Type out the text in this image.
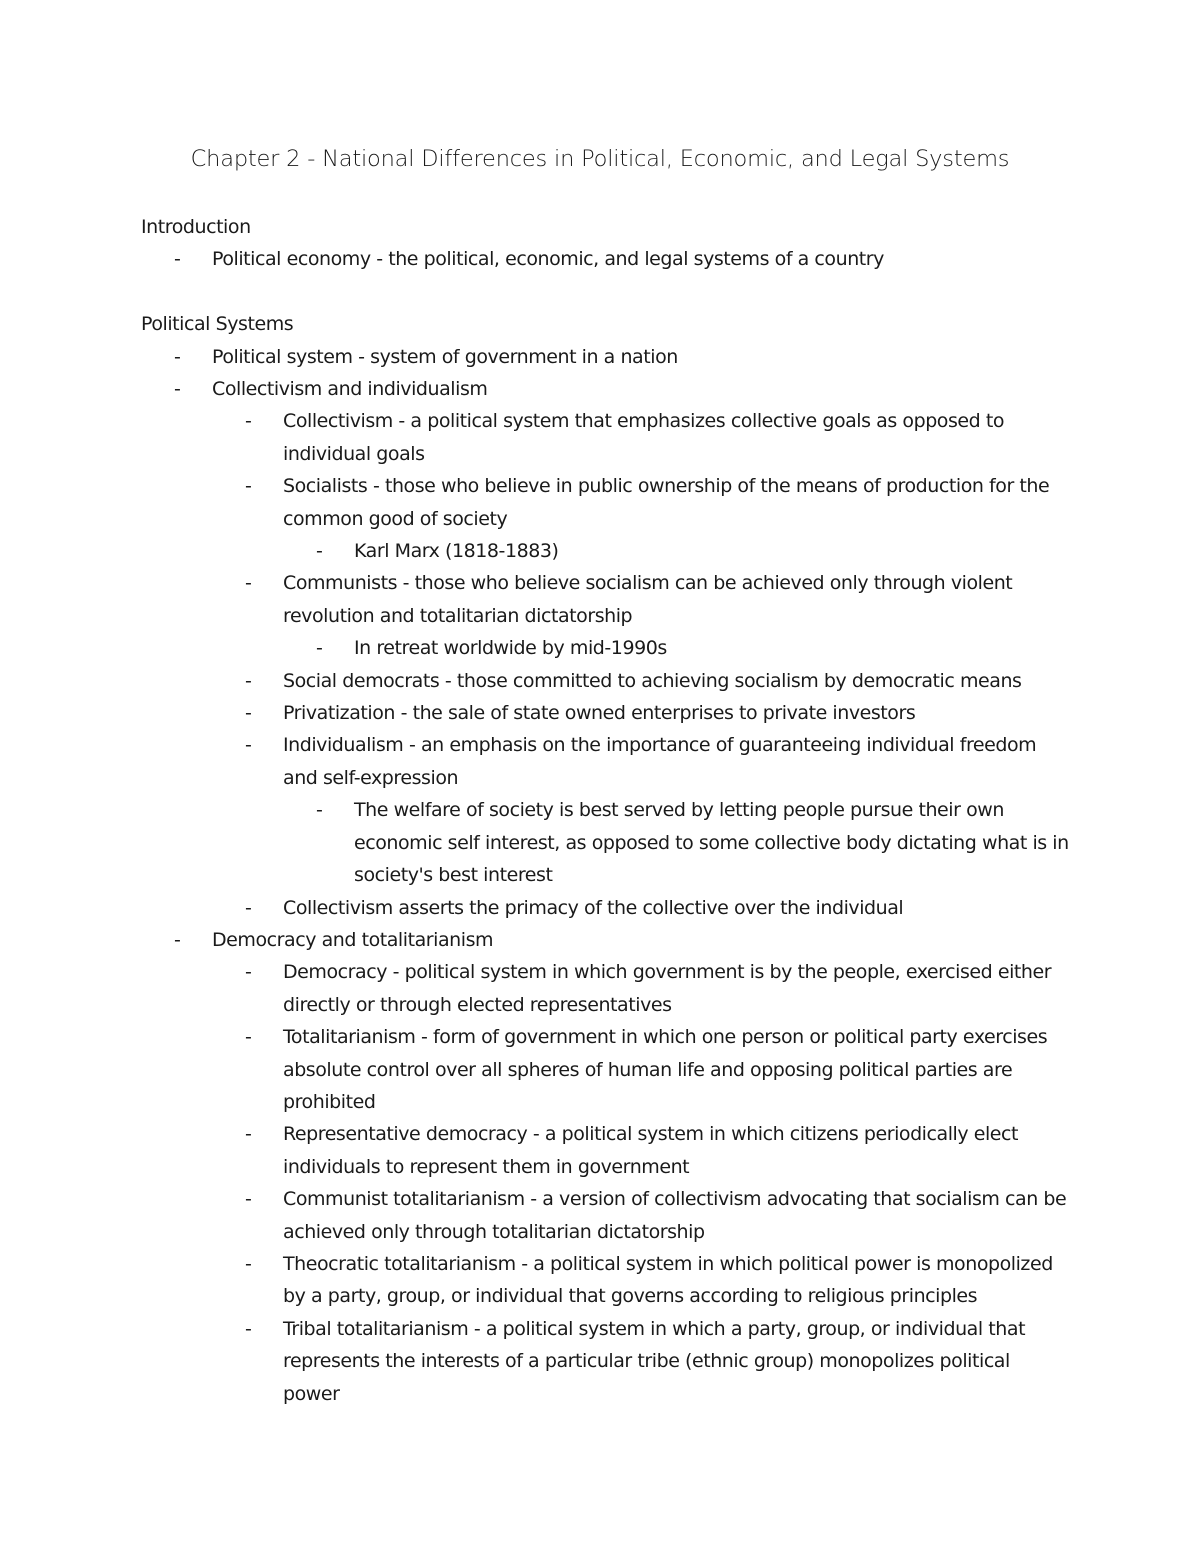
Chapter 2 - National Differences in Political, Economic, and Legal Systems

Introduction

- Political economy - the political, economic, and legal systems of a country

Political Systems

- Political system - system of government in a nation
- Collectivism and individualism
- Collectivism - a political system that emphasizes collective goals as opposed to individual goals
- Socialists - those who believe in public ownership of the means of production for the common good of society
- Karl Marx (1818-1883)
- Communists - those who believe socialism can be achieved only through violent revolution and totalitarian dictatorship
- In retreat worldwide by mid-1990s
- Social democrats - those committed to achieving socialism by democratic means
- Privatization - the sale of state owned enterprises to private investors
- Individualism - an emphasis on the importance of guaranteeing individual freedom and self-expression
- The welfare of society is best served by letting people pursue their own economic self interest, as opposed to some collective body dictating what is in society's best interest
- Collectivism asserts the primacy of the collective over the individual
- Democracy and totalitarianism
- Democracy - political system in which government is by the people, exercised either directly or through elected representatives
- Totalitarianism - form of government in which one person or political party exercises absolute control over all spheres of human life and opposing political parties are prohibited
- Representative democracy - a political system in which citizens periodically elect individuals to represent them in government
- Communist totalitarianism - a version of collectivism advocating that socialism can be achieved only through totalitarian dictatorship
- Theocratic totalitarianism - a political system in which political power is monopolized by a party, group, or individual that governs according to religious principles
- Tribal totalitarianism - a political system in which a party, group, or individual that represents the interests of a particular tribe (ethnic group) monopolizes political power
